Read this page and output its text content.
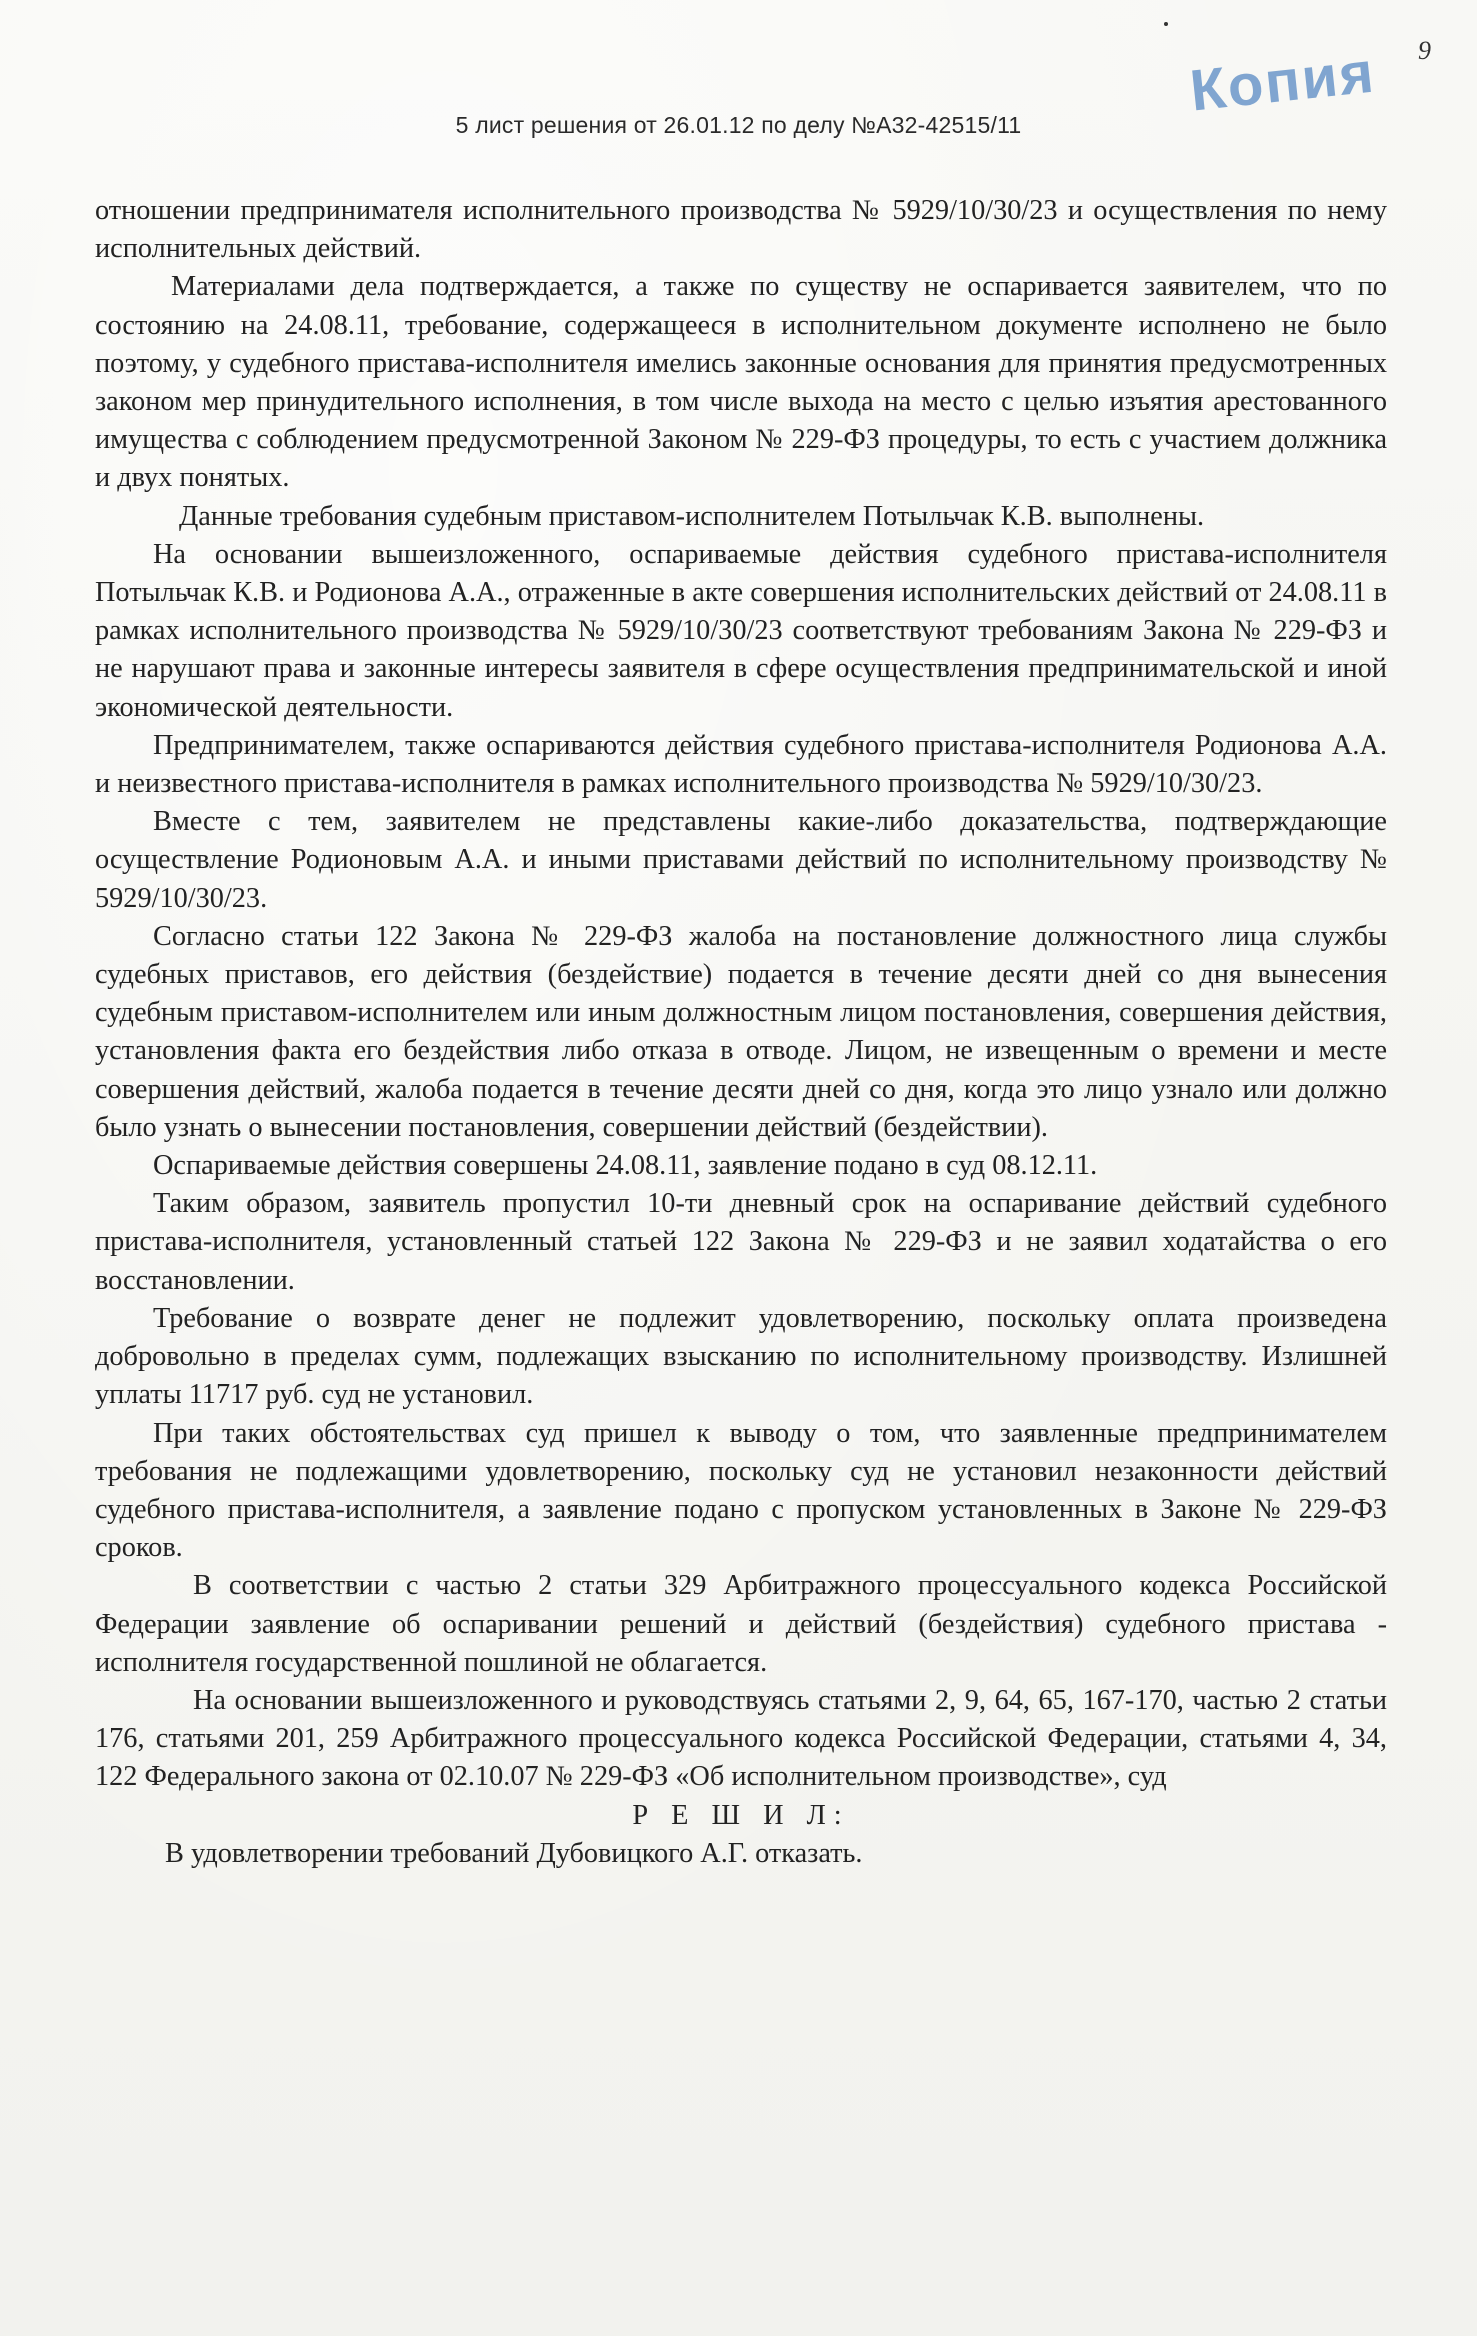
Копия 9
5 лист решения от 26.01.12 по делу №А32-42515/11

отношении предпринимателя исполнительного производства № 5929/10/30/23 и осуществления по нему исполнительных действий.

Материалами дела подтверждается, а также по существу не оспаривается заявителем, что по состоянию на 24.08.11, требование, содержащееся в исполнительном документе исполнено не было поэтому, у судебного пристава-исполнителя имелись законные основания для принятия предусмотренных законом мер принудительного исполнения, в том числе выхода на место с целью изъятия арестованного имущества с соблюдением предусмотренной Законом № 229-ФЗ процедуры, то есть с участием должника и двух понятых.

Данные требования судебным приставом-исполнителем Потыльчак К.В. выполнены.

На основании вышеизложенного, оспариваемые действия судебного пристава-исполнителя Потыльчак К.В. и Родионова А.А., отраженные в акте совершения исполнительских действий от 24.08.11 в рамках исполнительного производства № 5929/10/30/23 соответствуют требованиям Закона № 229-ФЗ и не нарушают права и законные интересы заявителя в сфере осуществления предпринимательской и иной экономической деятельности.

Предпринимателем, также оспариваются действия судебного пристава-исполнителя Родионова А.А. и неизвестного пристава-исполнителя в рамках исполнительного производства № 5929/10/30/23.

Вместе с тем, заявителем не представлены какие-либо доказательства, подтверждающие осуществление Родионовым А.А. и иными приставами действий по исполнительному производству № 5929/10/30/23.

Согласно статьи 122 Закона № 229-ФЗ жалоба на постановление должностного лица службы судебных приставов, его действия (бездействие) подается в течение десяти дней со дня вынесения судебным приставом-исполнителем или иным должностным лицом постановления, совершения действия, установления факта его бездействия либо отказа в отводе. Лицом, не извещенным о времени и месте совершения действий, жалоба подается в течение десяти дней со дня, когда это лицо узнало или должно было узнать о вынесении постановления, совершении действий (бездействии).

Оспариваемые действия совершены 24.08.11, заявление подано в суд 08.12.11.

Таким образом, заявитель пропустил 10-ти дневный срок на оспаривание действий судебного пристава-исполнителя, установленный статьей 122 Закона № 229-ФЗ и не заявил ходатайства о его восстановлении.

Требование о возврате денег не подлежит удовлетворению, поскольку оплата произведена добровольно в пределах сумм, подлежащих взысканию по исполнительному производству. Излишней уплаты 11717 руб. суд не установил.

При таких обстоятельствах суд пришел к выводу о том, что заявленные предпринимателем требования не подлежащими удовлетворению, поскольку суд не установил незаконности действий судебного пристава-исполнителя, а заявление подано с пропуском установленных в Законе № 229-ФЗ сроков.

В соответствии с частью 2 статьи 329 Арбитражного процессуального кодекса Российской Федерации заявление об оспаривании решений и действий (бездействия) судебного пристава - исполнителя государственной пошлиной не облагается.

На основании вышеизложенного и руководствуясь статьями 2, 9, 64, 65, 167-170, частью 2 статьи 176, статьями 201, 259 Арбитражного процессуального кодекса Российской Федерации, статьями 4, 34, 122 Федерального закона от 02.10.07 № 229-ФЗ «Об исполнительном производстве», суд

Р Е Ш И Л:

В удовлетворении требований Дубовицкого А.Г. отказать.
